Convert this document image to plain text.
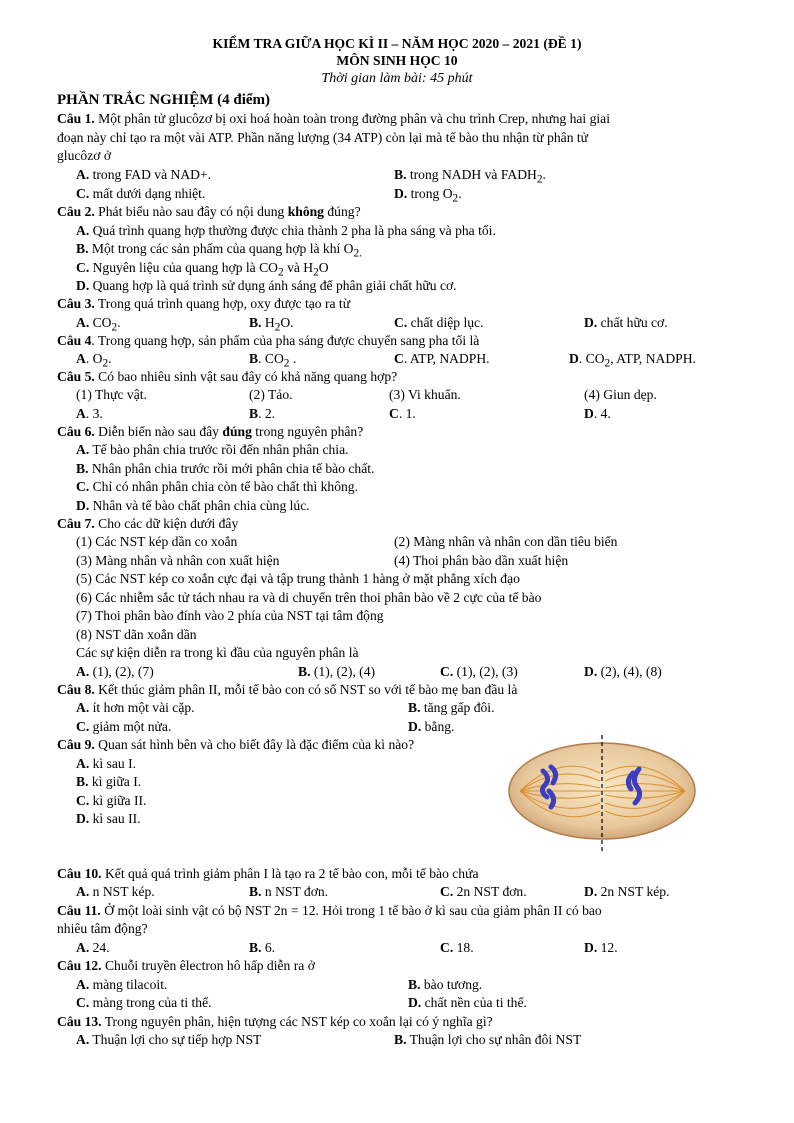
KIỂM TRA GIỮA HỌC KÌ II – NĂM HỌC 2020 – 2021 (ĐỀ 1)
MÔN SINH HỌC 10
Thời gian làm bài: 45 phút
PHẦN TRẮC NGHIỆM (4 điểm)
Câu 1. Một phân tử glucôzơ bị oxi hoá hoàn toàn trong đường phân và chu trình Crep, nhưng hai giai
đoạn này chỉ tạo ra một vài ATP. Phần năng lượng (34 ATP) còn lại mà tế bào thu nhận từ phân tử
glucôzơ ở
A. trong FAD và NAD+.	B. trong NADH và $FADH_2$.
C. mất dưới dạng nhiệt.	D. trong $O_2$.
Câu 2. Phát biểu nào sau đây có nội dung không đúng?
A. Quá trình quang hợp thường được chia thành 2 pha là pha sáng và pha tối.
B. Một trong các sản phẩm của quang hợp là khí $O_{2.}$
C. Nguyên liệu của quang hợp là $CO_2$ và $H_2O$
D. Quang hợp là quá trình sử dụng ánh sáng để phân giải chất hữu cơ.
Câu 3. Trong quá trình quang hợp, oxy được tạo ra từ
A. $CO_2$.	B. $H_2O$.	C. chất diệp lục.	D. chất hữu cơ.
Câu 4. Trong quang hợp, sản phẩm của pha sáng được chuyển sang pha tối là
A. $O_2$.	B. $CO_2$ .	C. ATP, NADPH.	D. $CO_2$, ATP, NADPH.
Câu 5. Có bao nhiêu sinh vật sau đây có khả năng quang hợp?
(1) Thực vật.	(2) Tảo.	(3) Vi khuẩn.	(4) Giun dẹp.
A. 3.	B. 2.	C. 1.	D. 4.
Câu 6. Diễn biến nào sau đây đúng trong nguyên phân?
A. Tế bào phân chia trước rồi đến nhân phân chia.
B. Nhân phân chia trước rồi mới phân chia tế bào chất.
C. Chỉ có nhân phân chia còn tế bào chất thì không.
D. Nhân và tế bào chất phân chia cùng lúc.
Câu 7. Cho các dữ kiện dưới đây
(1) Các NST kép dần co xoắn	(2) Màng nhân và nhân con dần tiêu biến
(3) Màng nhân và nhân con xuất hiện	(4) Thoi phân bào dần xuất hiện
(5) Các NST kép co xoắn cực đại và tập trung thành 1 hàng ở mặt phẳng xích đạo
(6) Các nhiễm sắc tử tách nhau ra và di chuyển trên thoi phân bào về 2 cực của tế bào
(7) Thoi phân bào đính vào 2 phía của NST tại tâm động
(8) NST dãn xoắn dần
Các sự kiện diễn ra trong kì đầu của nguyên phân là
A. (1), (2), (7)	B. (1), (2), (4)	C. (1), (2), (3)	D. (2), (4), (8)
Câu 8. Kết thúc giảm phân II, mỗi tế bào con có số NST so với tế bào mẹ ban đầu là
A. ít hơn một vài cặp.	B. tăng gấp đôi.
C. giảm một nửa.	D. bằng.
Câu 9. Quan sát hình bên và cho biết đây là đặc điểm của kì nào?
A. kì sau I.
B. kì giữa I.
C. kì giữa II.
D. kì sau II.
Câu 10. Kết quả quá trình giảm phân I là tạo ra 2 tế bào con, mỗi tế bào chứa
A. n NST kép.	B. n NST đơn.	C. 2n NST đơn.	D. 2n NST kép.
Câu 11. Ở một loài sinh vật có bộ NST 2n = 12. Hỏi trong 1 tế bào ở kì sau của giảm phân II có bao
nhiêu tâm động?
A. 24.	B. 6.	C. 18.	D. 12.
Câu 12. Chuỗi truyền êlectron hô hấp diễn ra ở
A. màng tilacoit.	B. bào tương.
C. màng trong của ti thể.	D. chất nền của ti thể.
Câu 13. Trong nguyên phân, hiện tượng các NST kép co xoắn lại có ý nghĩa gì?
A. Thuận lợi cho sự tiếp hợp NST	B. Thuận lợi cho sự nhân đôi NST
